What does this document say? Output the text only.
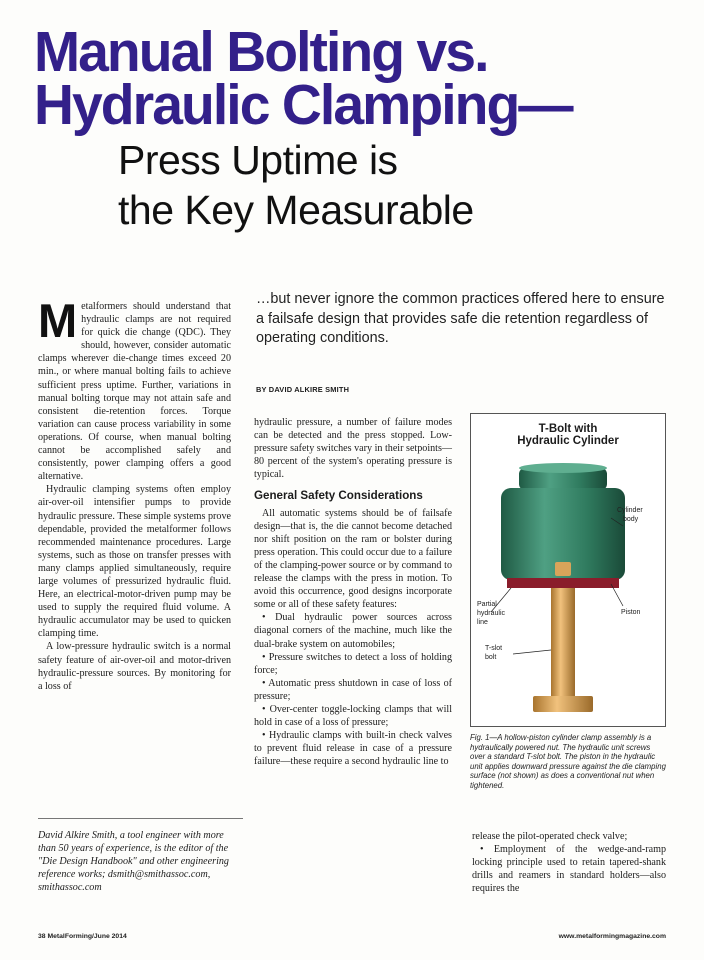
Manual Bolting vs.
Hydraulic Clamping—
Press Uptime is
the Key Measurable
…but never ignore the common practices offered here to ensure a failsafe design that provides safe die retention regardless of operating conditions.
BY DAVID ALKIRE SMITH

Metalformers should understand that hydraulic clamps are not required for quick die change (QDC). They should, however, consider automatic clamps wherever die-change times exceed 20 min., or where manual bolting fails to achieve sufficient press uptime. Further, variations in manual bolting torque may not attain safe and consistent die-retention forces. Torque variation can cause process variability in some operations. Of course, when manual bolting cannot be accomplished safely and consistently, power clamping offers a good alternative.

Hydraulic clamping systems often employ air-over-oil intensifier pumps to provide hydraulic pressure. These simple systems prove dependable, provided the metalformer follows recommended maintenance procedures. Large systems, such as those on transfer presses with many clamps applied simultaneously, require large volumes of pressurized hydraulic fluid. Here, an electrical-motor-driven pump may be used to supply the required fluid volume. A hydraulic accumulator may be used to quicken clamping time.

A low-pressure hydraulic switch is a normal safety feature of air-over-oil and motor-driven hydraulic-pressure sources. By monitoring for a loss of

David Alkire Smith, a tool engineer with more than 50 years of experience, is the editor of the "Die Design Handbook" and other engineering reference works; dsmith@smithassoc.com, smithassoc.com

hydraulic pressure, a number of failure modes can be detected and the press stopped. Low-pressure safety switches vary in their setpoints—80 percent of the system's operating pressure is typical.

General Safety Considerations

All automatic systems should be of failsafe design—that is, the die cannot become detached nor shift position on the ram or bolster during press operation. This could occur due to a failure of the clamping-power source or by command to release the clamps with the press in motion. To avoid this occurrence, good designs incorporate some or all of these safety features:

• Dual hydraulic power sources across diagonal corners of the machine, much like the dual-brake system on automobiles;

• Pressure switches to detect a loss of holding force;

• Automatic press shutdown in case of loss of pressure;

• Over-center toggle-locking clamps that will hold in case of a loss of pressure;

• Hydraulic clamps with built-in check valves to prevent fluid release in case of a pressure failure—these require a second hydraulic line to

T-Bolt with
Hydraulic Cylinder
Cylinder
body
Piston
Partial
hydraulic
line
T-slot
bolt
Fig. 1—A hollow-piston cylinder clamp assembly is a hydraulically powered nut. The hydraulic unit screws over a standard T-slot bolt. The piston in the hydraulic unit applies downward pressure against the die clamping surface (not shown) as does a conventional nut when tightened.

release the pilot-operated check valve;

• Employment of the wedge-and-ramp locking principle used to retain tapered-shank drills and reamers in standard holders—also requires the

38 MetalForming/June 2014	www.metalformingmagazine.com
